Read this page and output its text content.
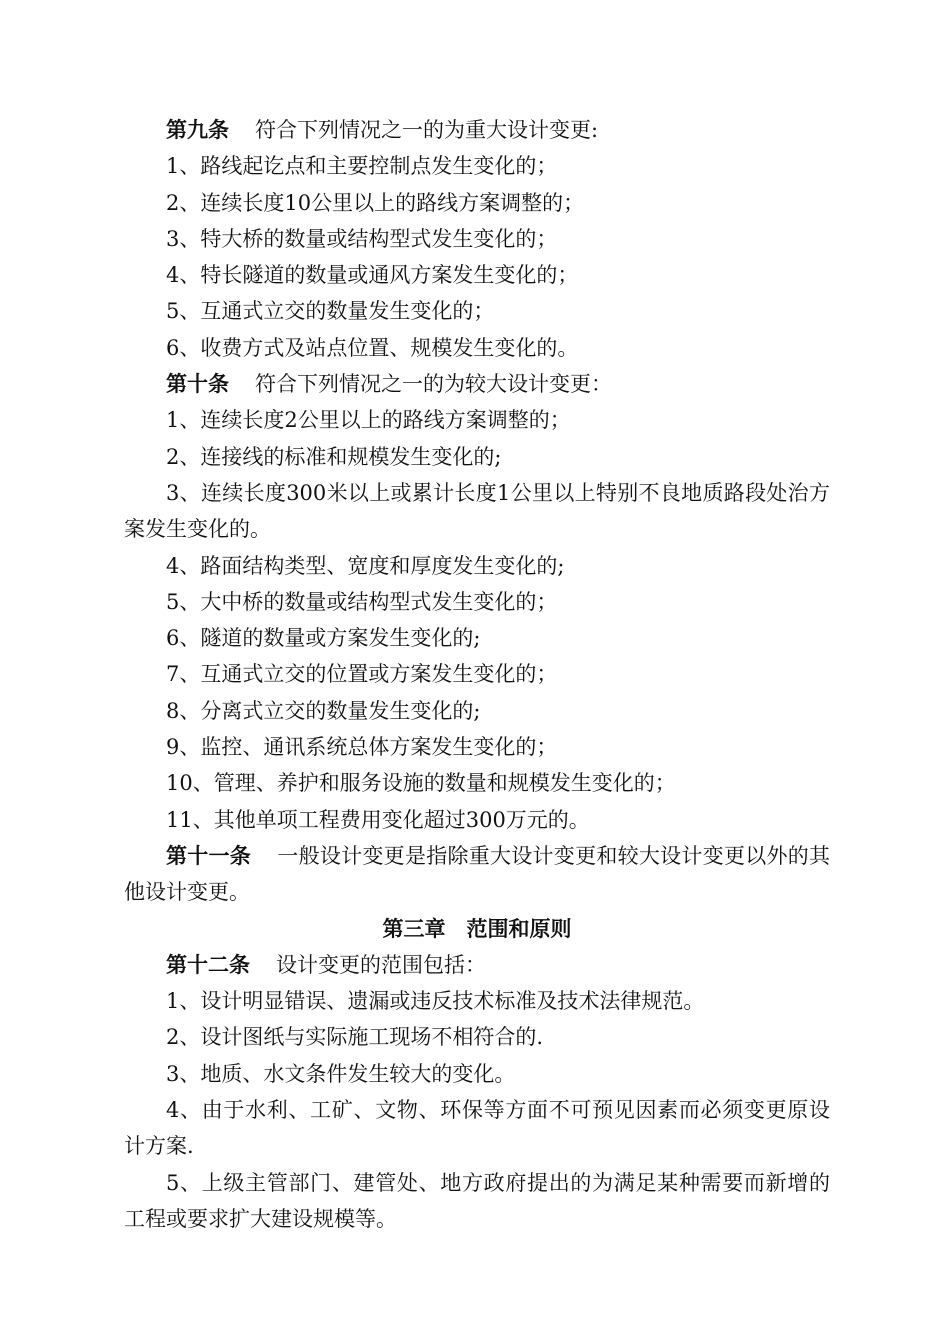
第九条 符合下列情况之一的为重大设计变更:

1、路线起讫点和主要控制点发生变化的；

2、连续长度10公里以上的路线方案调整的；

3、特大桥的数量或结构型式发生变化的；

4、特长隧道的数量或通风方案发生变化的；

5、互通式立交的数量发生变化的；

6、收费方式及站点位置、规模发生变化的。

第十条 符合下列情况之一的为较大设计变更：

1、连续长度2公里以上的路线方案调整的；

2、连接线的标准和规模发生变化的;

3、连续长度300米以上或累计长度1公里以上特别不良地质路段处治方案发生变化的。

4、路面结构类型、宽度和厚度发生变化的;

5、大中桥的数量或结构型式发生变化的；

6、隧道的数量或方案发生变化的;

7、互通式立交的位置或方案发生变化的；

8、分离式立交的数量发生变化的;

9、监控、通讯系统总体方案发生变化的；

10、管理、养护和服务设施的数量和规模发生变化的；

11、其他单项工程费用变化超过300万元的。

第十一条 一般设计变更是指除重大设计变更和较大设计变更以外的其他设计变更。

第三章　范围和原则

第十二条 设计变更的范围包括：

1、设计明显错误、遗漏或违反技术标准及技术法律规范。

2、设计图纸与实际施工现场不相符合的.

3、地质、水文条件发生较大的变化。

4、由于水利、工矿、文物、环保等方面不可预见因素而必须变更原设计方案.

5、上级主管部门、建管处、地方政府提出的为满足某种需要而新增的工程或要求扩大建设规模等。
